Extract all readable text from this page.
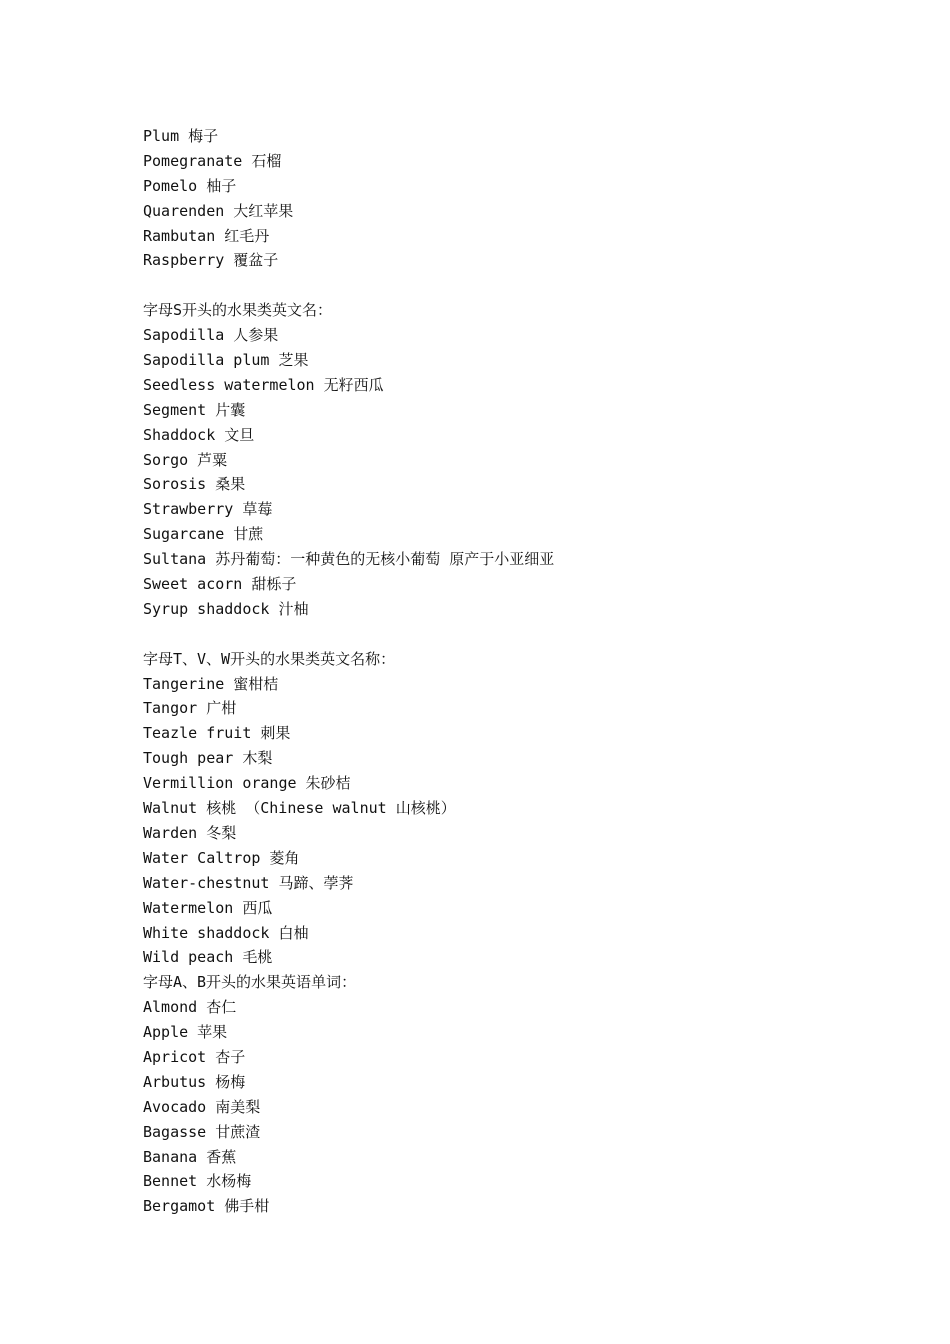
Plum 梅子
Pomegranate 石榴
Pomelo 柚子
Quarenden 大红苹果
Rambutan 红毛丹
Raspberry 覆盆子
字母S开头的水果类英文名：
Sapodilla 人参果
Sapodilla plum 芝果
Seedless watermelon 无籽西瓜
Segment 片囊
Shaddock 文旦
Sorgo 芦粟
Sorosis 桑果
Strawberry 草莓
Sugarcane 甘蔗
Sultana 苏丹葡萄：一种黄色的无核小葡萄 原产于小亚细亚
Sweet acorn 甜栎子
Syrup shaddock 汁柚
字母T、V、W开头的水果类英文名称：
Tangerine 蜜柑桔
Tangor 广柑
Teazle fruit 刺果
Tough pear 木梨
Vermillion orange 朱砂桔
Walnut 核桃 （Chinese walnut 山核桃）
Warden 冬梨
Water Caltrop 菱角
Water-chestnut 马蹄、荸荠
Watermelon 西瓜
White shaddock 白柚
Wild peach 毛桃
字母A、B开头的水果英语单词：
Almond 杏仁
Apple 苹果
Apricot 杏子
Arbutus 杨梅
Avocado 南美梨
Bagasse 甘蔗渣
Banana 香蕉
Bennet 水杨梅
Bergamot 佛手柑
